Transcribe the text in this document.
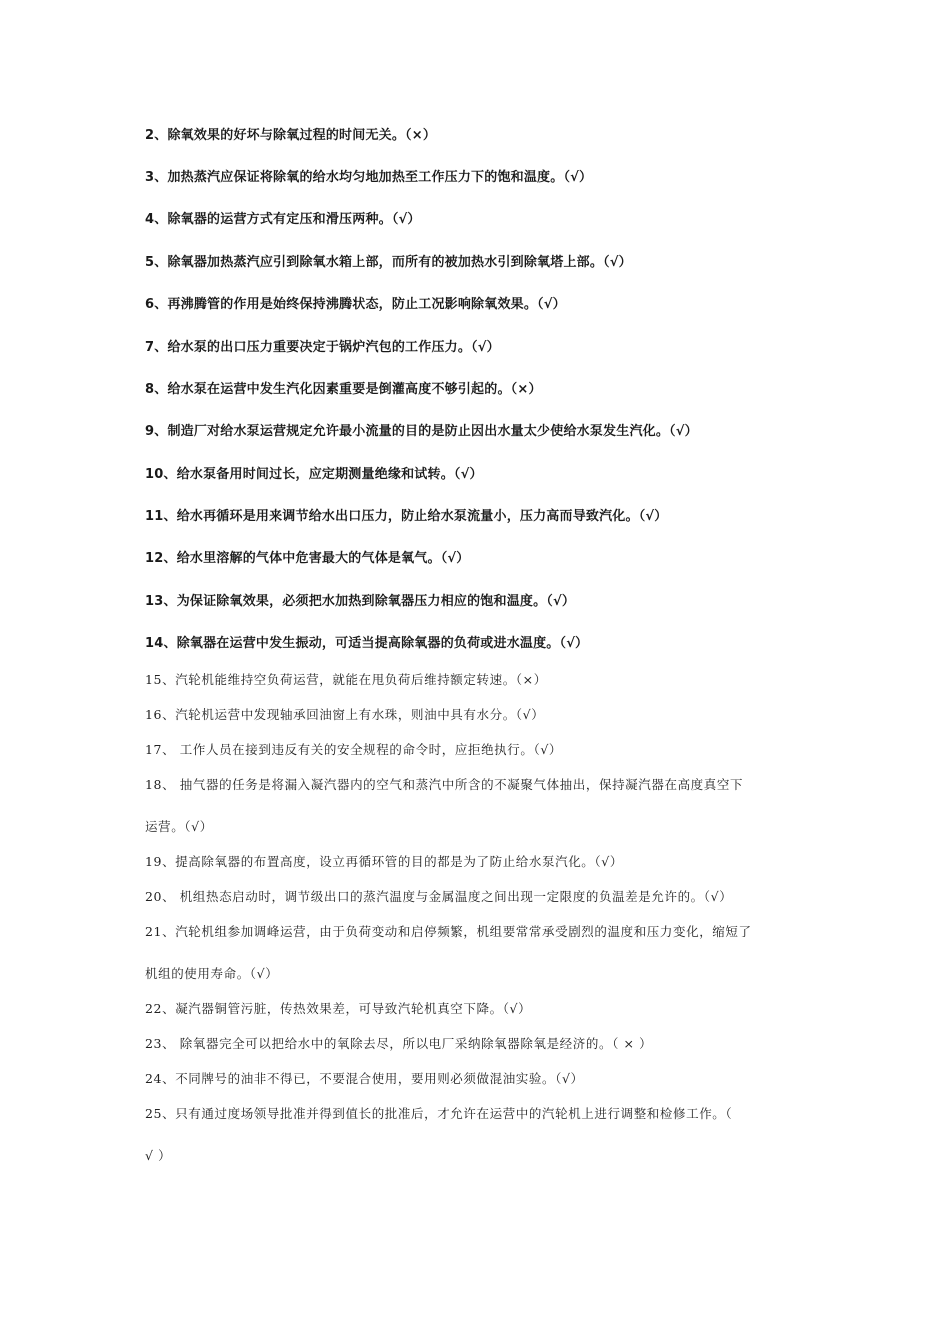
2、除氧效果的好坏与除氧过程的时间无关。（×）
3、加热蒸汽应保证将除氧的给水均匀地加热至工作压力下的饱和温度。（√）
4、除氧器的运营方式有定压和滑压两种。（√）
5、除氧器加热蒸汽应引到除氧水箱上部，而所有的被加热水引到除氧塔上部。（√）
6、再沸腾管的作用是始终保持沸腾状态，防止工况影响除氧效果。（√）
7、给水泵的出口压力重要决定于锅炉汽包的工作压力。（√）
8、给水泵在运营中发生汽化因素重要是倒灌高度不够引起的。（×）
9、制造厂对给水泵运营规定允许最小流量的目的是防止因出水量太少使给水泵发生汽化。（√）
10、给水泵备用时间过长，应定期测量绝缘和试转。（√）
11、给水再循环是用来调节给水出口压力，防止给水泵流量小，压力高而导致汽化。（√）
12、给水里溶解的气体中危害最大的气体是氧气。（√）
13、为保证除氧效果，必须把水加热到除氧器压力相应的饱和温度。（√）
14、除氧器在运营中发生振动，可适当提高除氧器的负荷或进水温度。（√）
15、汽轮机能维持空负荷运营，就能在甩负荷后维持额定转速。（×）
16、汽轮机运营中发现轴承回油窗上有水珠，则油中具有水分。（√）
17、 工作人员在接到违反有关的安全规程的命令时，应拒绝执行。（√）
18、 抽气器的任务是将漏入凝汽器内的空气和蒸汽中所含的不凝聚气体抽出，保持凝汽器在高度真空下
运营。（√）
19、提高除氧器的布置高度，设立再循环管的目的都是为了防止给水泵汽化。（√）
20、 机组热态启动时，调节级出口的蒸汽温度与金属温度之间出现一定限度的负温差是允许的。（√）
21、汽轮机组参加调峰运营，由于负荷变动和启停频繁，机组要常常承受剧烈的温度和压力变化，缩短了
机组的使用寿命。（√）
22、凝汽器铜管污脏，传热效果差，可导致汽轮机真空下降。（√）
23、 除氧器完全可以把给水中的氧除去尽，所以电厂采纳除氧器除氧是经济的。（ × ）
24、不同牌号的油非不得已，不要混合使用，要用则必须做混油实验。（√）
25、只有通过度场领导批准并得到值长的批准后，才允许在运营中的汽轮机上进行调整和检修工作。（
√ ）
